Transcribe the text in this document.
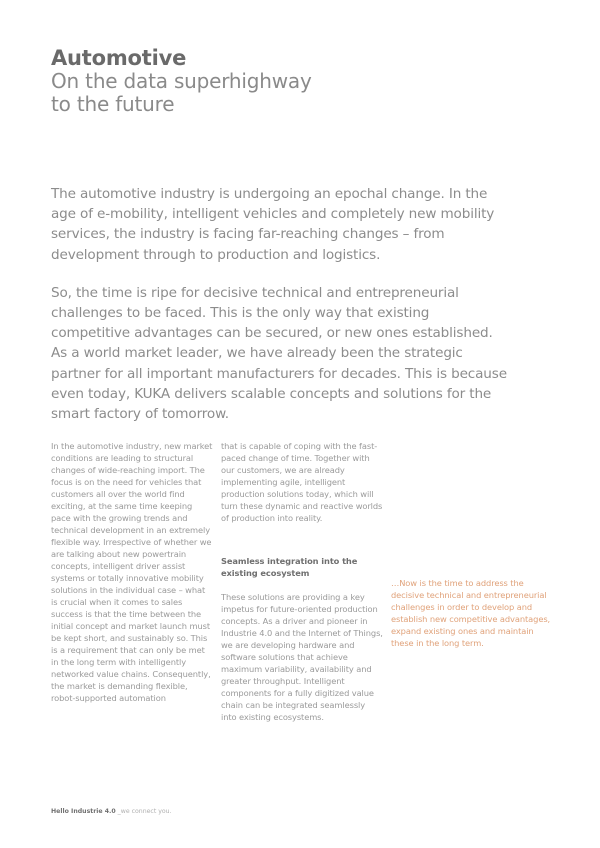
Automotive
On the data superhighway
to the future

The automotive industry is undergoing an epochal change. In the age of e-mobility, intelligent vehicles and completely new mobility services, the industry is facing far-reaching changes – from development through to production and logistics.

So, the time is ripe for decisive technical and entrepreneurial challenges to be faced. This is the only way that existing competitive advantages can be secured, or new ones established. As a world market leader, we have already been the strategic partner for all important manufacturers for decades. This is because even today, KUKA delivers scalable concepts and solutions for the smart factory of tomorrow.

In the automotive industry, new market conditions are leading to structural changes of wide-reaching import. The focus is on the need for vehicles that customers all over the world find exciting, at the same time keeping pace with the growing trends and technical development in an extremely flexible way. Irrespective of whether we are talking about new powertrain concepts, intelligent driver assist systems or totally innovative mobility solutions in the individual case – what is crucial when it comes to sales success is that the time between the initial concept and market launch must be kept short, and sustainably so. This is a requirement that can only be met in the long term with intelligently networked value chains. Consequently, the market is demanding flexible, robot-supported automation

that is capable of coping with the fast-paced change of time. Together with our customers, we are already implementing agile, intelligent production solutions today, which will turn these dynamic and reactive worlds of production into reality.

Seamless integration into the existing ecosystem

These solutions are providing a key impetus for future-oriented production concepts. As a driver and pioneer in Industrie 4.0 and the Internet of Things, we are developing hardware and software solutions that achieve maximum variability, availability and greater throughput. Intelligent components for a fully digitized value chain can be integrated seamlessly into existing ecosystems.

…Now is the time to address the decisive technical and entrepreneurial challenges in order to develop and establish new competitive advantages, expand existing ones and maintain these in the long term.

Hello Industrie 4.0 _we connect you.
